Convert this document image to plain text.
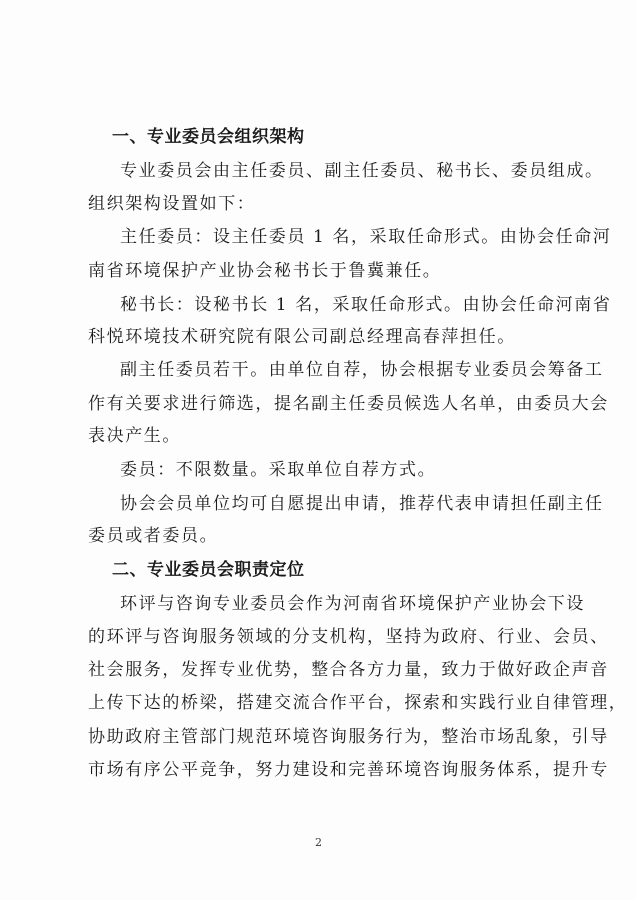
一、专业委员会组织架构
专业委员会由主任委员、副主任委员、秘书长、委员组成。
组织架构设置如下：
主任委员：设主任委员 1 名，采取任命形式。由协会任命河
南省环境保护产业协会秘书长于鲁冀兼任。
秘书长：设秘书长 1 名，采取任命形式。由协会任命河南省
科悦环境技术研究院有限公司副总经理高春萍担任。
副主任委员若干。由单位自荐，协会根据专业委员会筹备工
作有关要求进行筛选，提名副主任委员候选人名单，由委员大会
表决产生。
委员：不限数量。采取单位自荐方式。
协会会员单位均可自愿提出申请，推荐代表申请担任副主任
委员或者委员。
二、专业委员会职责定位
环评与咨询专业委员会作为河南省环境保护产业协会下设
的环评与咨询服务领域的分支机构，坚持为政府、行业、会员、
社会服务，发挥专业优势，整合各方力量，致力于做好政企声音
上传下达的桥梁，搭建交流合作平台，探索和实践行业自律管理，
协助政府主管部门规范环境咨询服务行为，整治市场乱象，引导
市场有序公平竞争，努力建设和完善环境咨询服务体系，提升专
2
